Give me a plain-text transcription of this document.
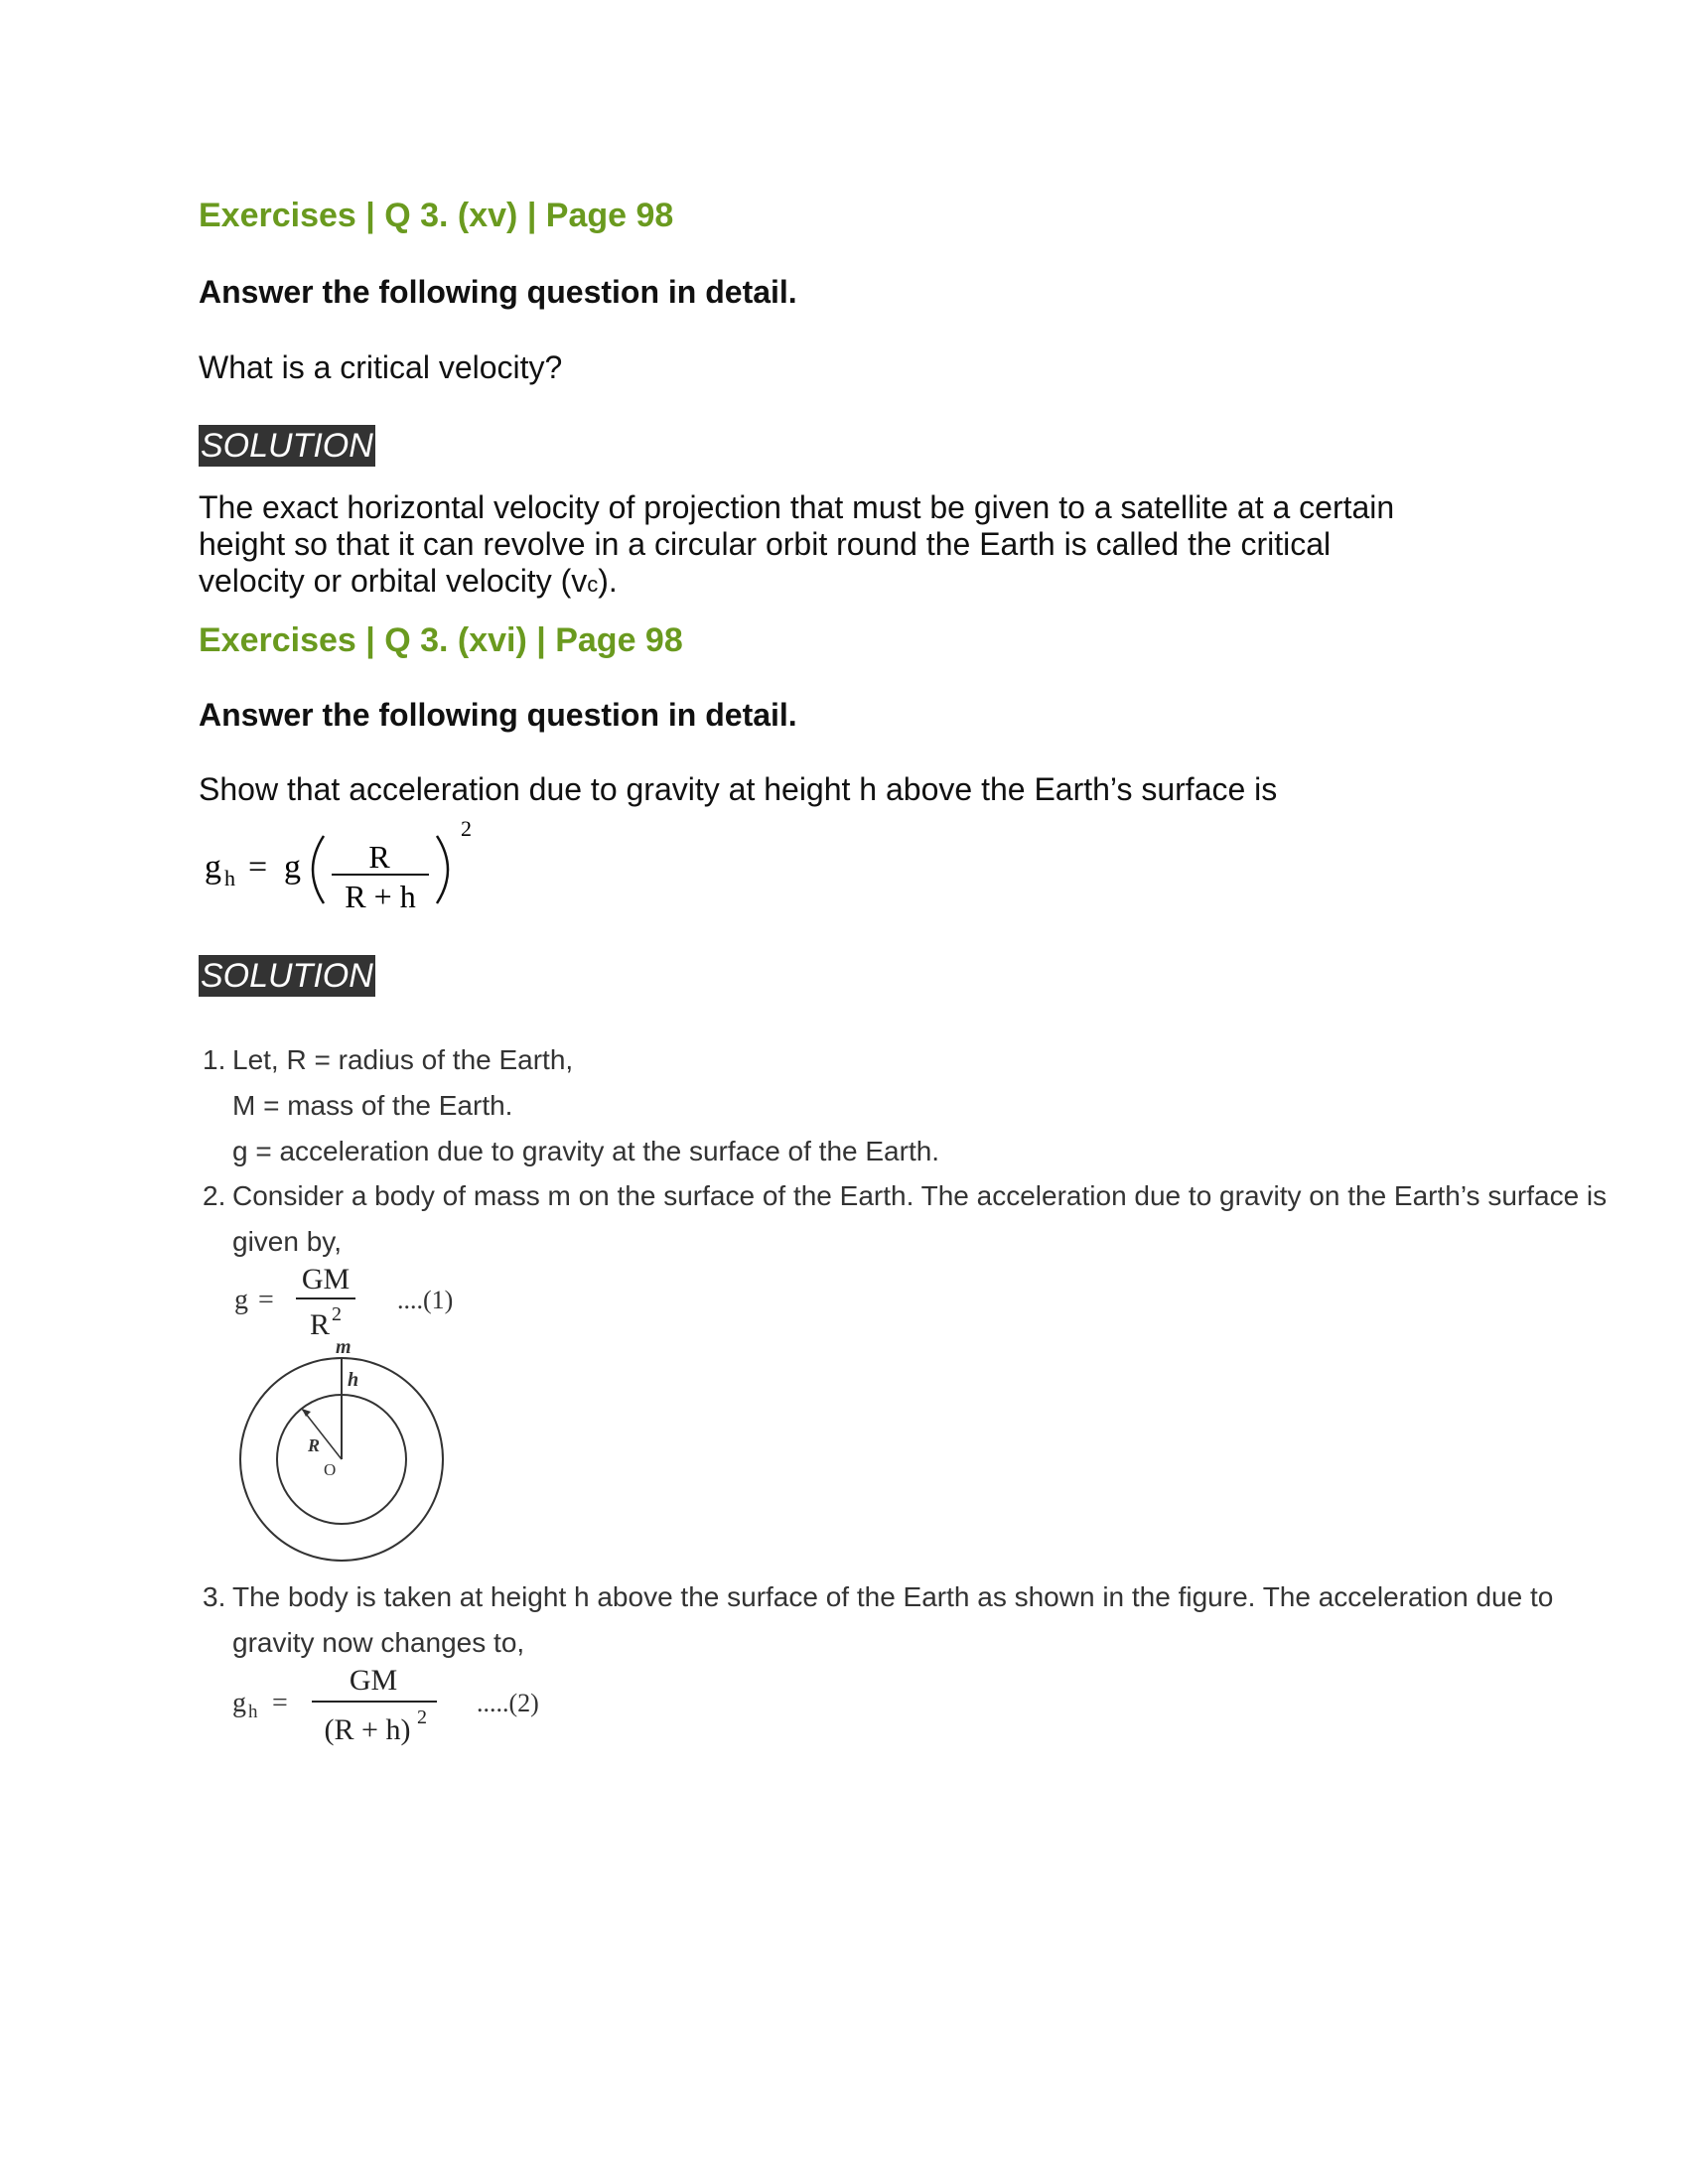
Exercises | Q 3. (xv) | Page 98
Answer the following question in detail.
What is a critical velocity?
SOLUTION
The exact horizontal velocity of projection that must be given to a satellite at a certain
height so that it can revolve in a circular orbit round the Earth is called the critical
velocity or orbital velocity (vc).
Exercises | Q 3. (xvi) | Page 98
Answer the following question in detail.
Show that acceleration due to gravity at height h above the Earth’s surface is
g h = g R
R + h
2
SOLUTION
1. Let, R = radius of the Earth,
M = mass of the Earth.
g = acceleration due to gravity at the surface of the Earth.
2. Consider a body of mass m on the surface of the Earth. The acceleration due to gravity on the Earth’s surface is
given by,
g =
GM
R 2 ....(1)
m
h
R
O
3. The body is taken at height h above the surface of the Earth as shown in the figure. The acceleration due to
gravity now changes to,
g h =
GM
(R + h) 2 .....(2)
